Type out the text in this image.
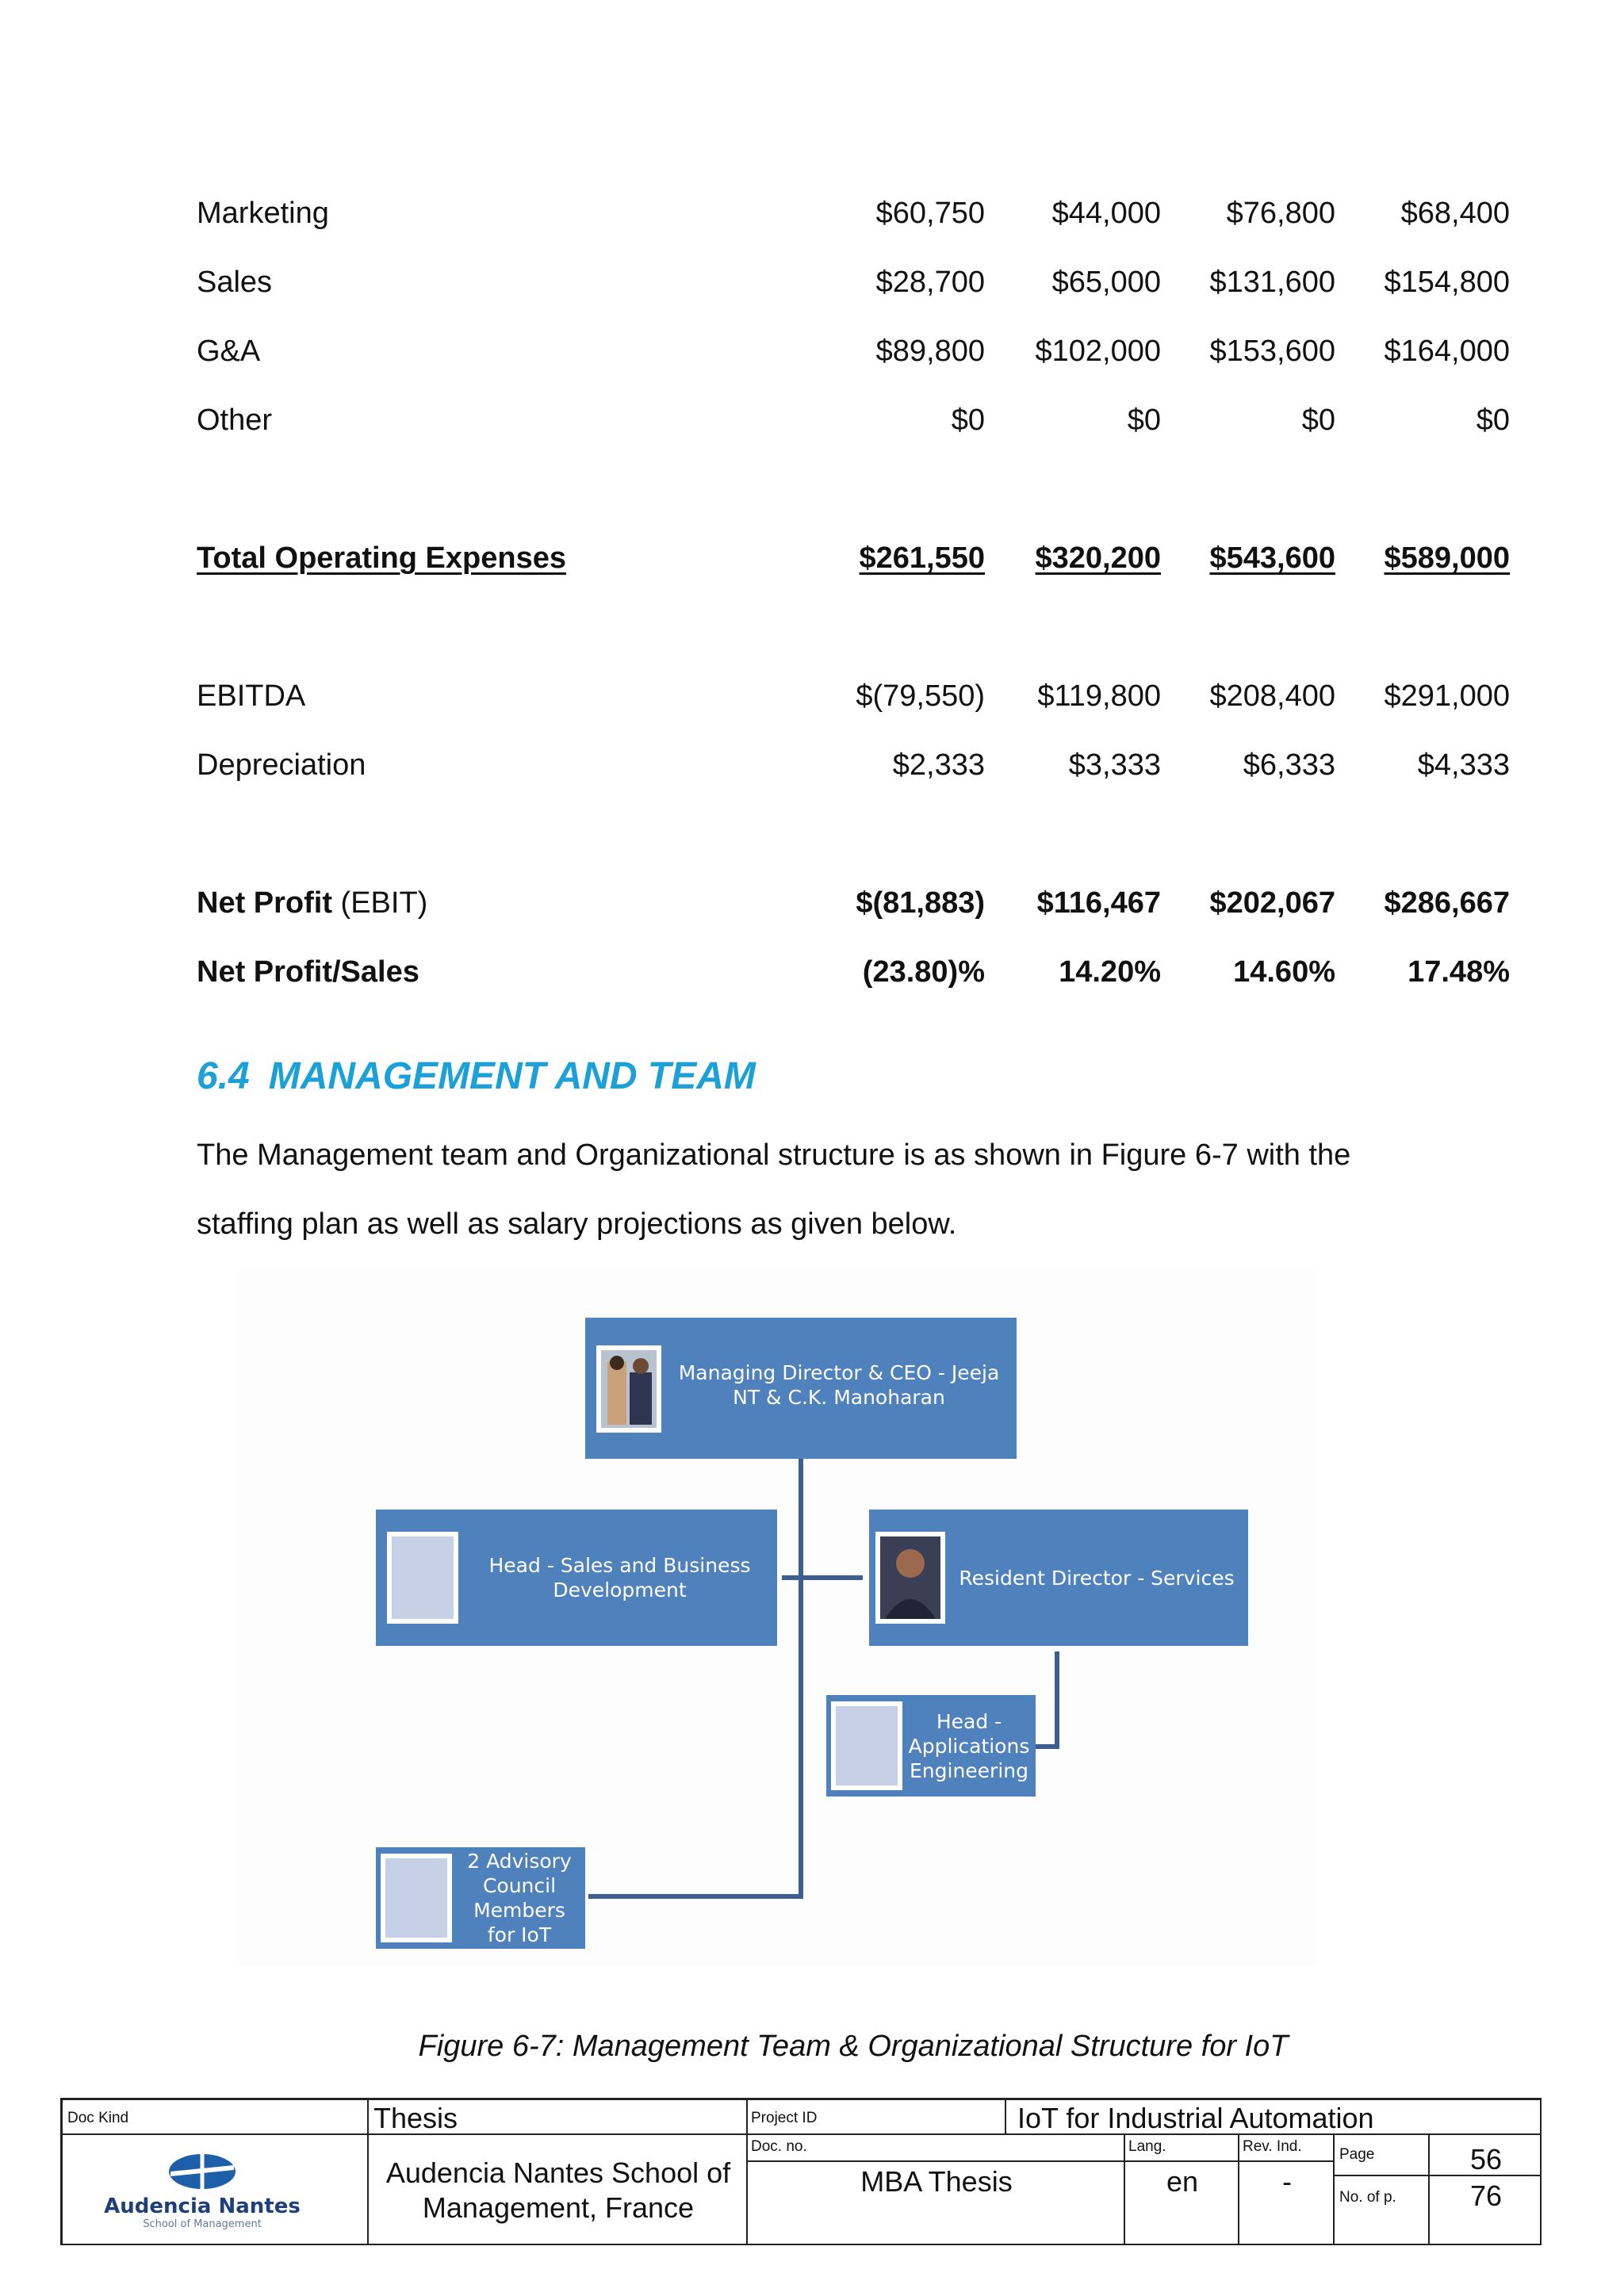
Marketing	$60,750 $44,000 $76,800 $68,400
Sales	$28,700 $65,000 $131,600 $154,800
G&A	$89,800 $102,000 $153,600 $164,000
Other	$0	$0	$0	$0
Total Operating Expenses	$261,550 $320,200 $543,600 $589,000
EBITDA	$(79,550) $119,800 $208,400 $291,000
Depreciation	$2,333	$3,333	$6,333	$4,333
Net Profit (EBIT)	$(81,883) $116,467 $202,067 $286,667
Net Profit/Sales	(23.80)% 14.20% 14.60% 17.48%
6.4 MANAGEMENT AND TEAM
The Management team and Organizational structure is as shown in Figure 6-7 with the
staffing plan as well as salary projections as given below.
Managing Director & CEO - Jeeja NT & C.K. Manoharan
Head - Sales and Business Development
Resident Director - Services
Head - Applications Engineering
2 Advisory Council Members for IoT
Figure 6-7: Management Team & Organizational Structure for IoT
Doc Kind	Thesis	Project ID	IoT for Industrial Automation
Audencia Nantes
School of Management
Audencia Nantes School of Management, France
Doc. no.
MBA Thesis
Lang.
en
Rev. Ind.
-
Page	56
No. of p.	76
